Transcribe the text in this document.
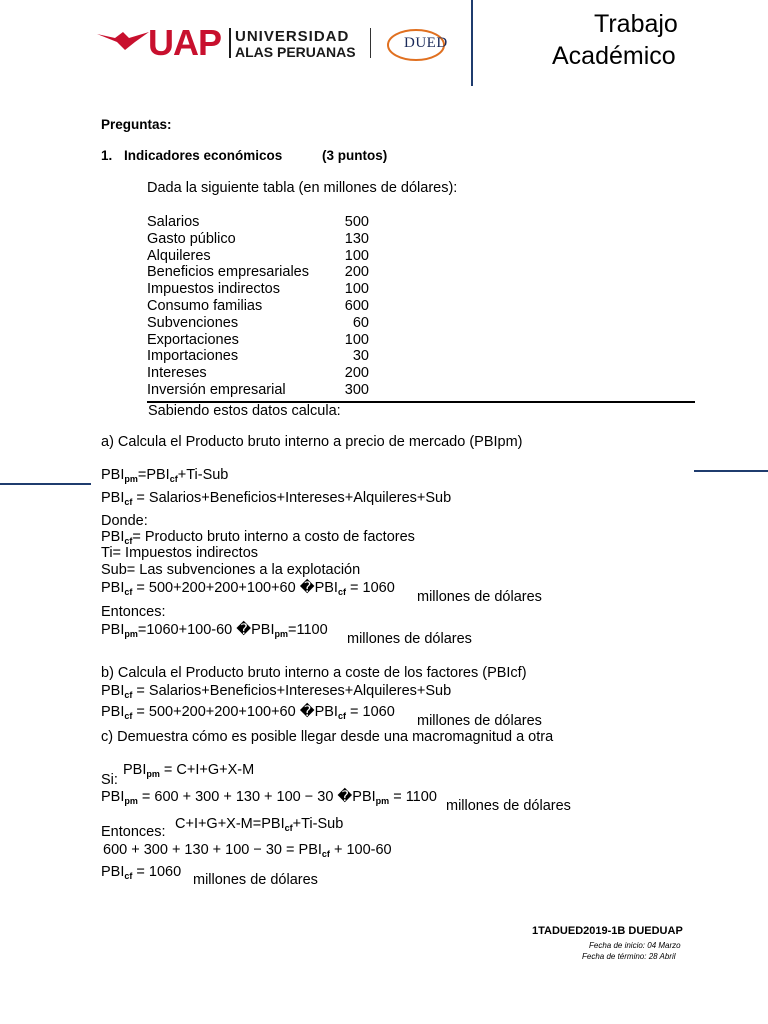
UAP UNIVERSIDAD
ALAS PERUANAS
DUED
Trabajo
Académico
Preguntas:
1. Indicadores económicos	(3 puntos)
Dada la siguiente tabla (en millones de dólares):
Salarios	500
Gasto público	130
Alquileres	100
Beneficios empresariales	200
Impuestos indirectos	100
Consumo familias	600
Subvenciones	60
Exportaciones	100
Importaciones	30
Intereses	200
Inversión empresarial	300
Sabiendo estos datos calcula:
a) Calcula el Producto bruto interno a precio de mercado (PBIpm)
$PBI_{pm}=PBI_{cf}+Ti$-Sub
$PBI_{cf}$ = Salarios+Beneficios+Intereses+Alquileres+Sub
Donde:
$PBI_{cf}=$ Producto bruto interno a costo de factores
Ti= Impuestos indirectos
Sub= Las subvenciones a la explotación
$PBI_{cf} = 500+200+200+100+60$ $�PBI_{cf} = 1060$
millones de dólares
Entonces:
$PBI_{pm}=1060+100-60$ $�PBI_{pm}=1100$
millones de dólares
b) Calcula el Producto bruto interno a coste de los factores (PBIcf)
$PBI_{cf}$ = Salarios+Beneficios+Intereses+Alquileres+Sub
$PBI_{cf} = 500+200+200+100+60$ $�PBI_{cf} = 1060$
millones de dólares
c) Demuestra cómo es posible llegar desde una macromagnitud a otra
Si:
$PBI_{pm} = C+I+G+X-M$
$PBI_{pm} = 600 + 300 + 130 + 100 - 30$ $�PBI_{pm} = 1100$
millones de dólares
Entonces: $C+I+G+X-M=PBI_{cf}+Ti$-Sub
$600 + 300 + 130 + 100 - 30 = PBI_{cf} + 100-60$
$PBI_{cf} = 1060$ millones de dólares
1TADUED2019-1B DUEDUAP
Fecha de inicio: 04 Marzo
Fecha de término: 28 Abril
